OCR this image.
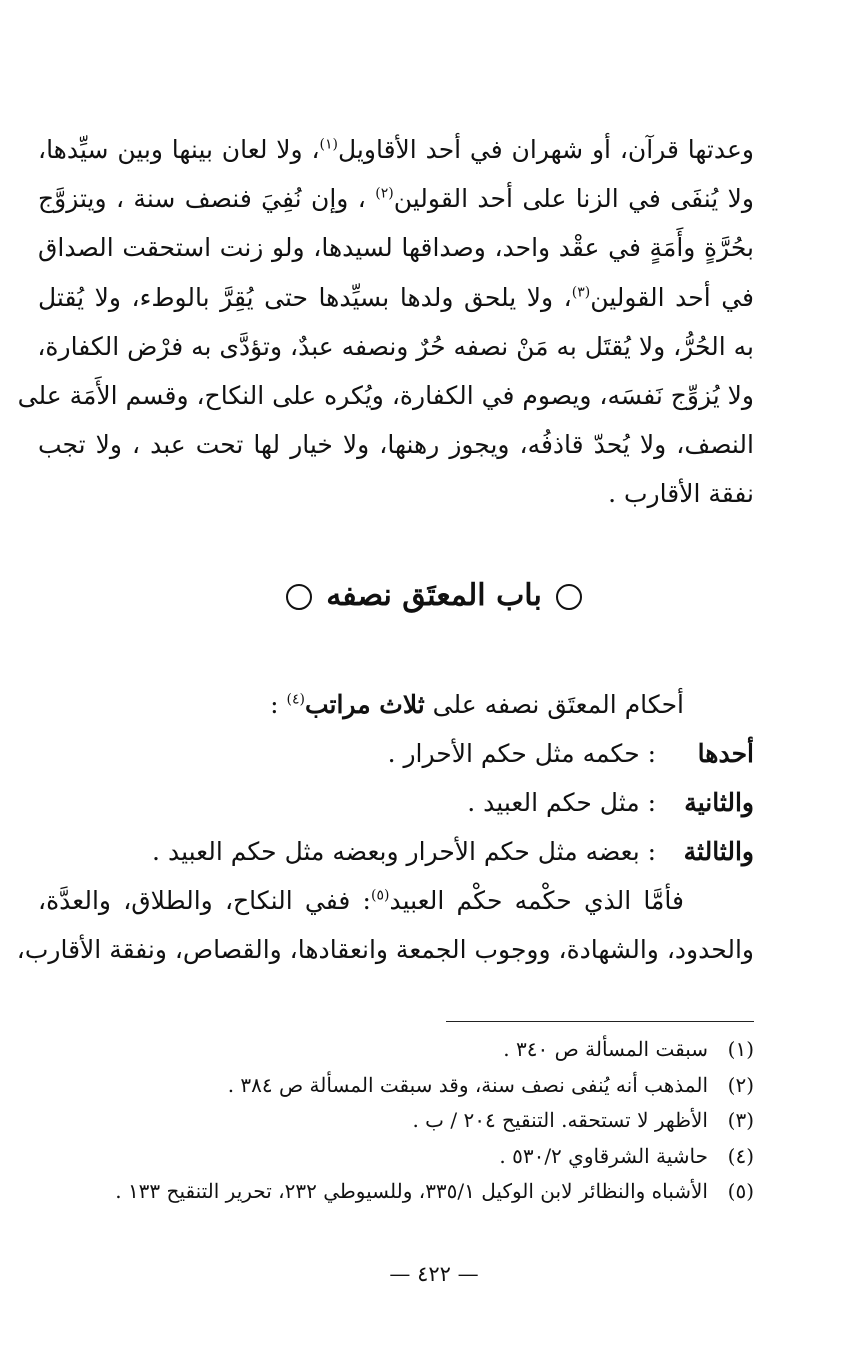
وعدتها قرآن، أو شهران في أحد الأقاويل$^{(١)}$، ولا لعان بينها وبين سيِّدها،
ولا يُنفَى في الزنا على أحد القولين$^{(٢)}$ ، وإن نُفِيَ فنصف سنة ، ويتزوَّج
بحُرَّةٍ وأَمَةٍ في عقْد واحد، وصداقها لسيدها، ولو زنت استحقت الصداق
في أحد القولين$^{(٣)}$، ولا يلحق ولدها بسيِّدها حتى يُقِرَّ بالوطء، ولا يُقتل
به الحُرُّ، ولا يُقتَل به مَنْ نصفه حُرٌ ونصفه عبدٌ، وتؤدَّى به فرْض الكفارة،
ولا يُزوِّج نَفسَه، ويصوم في الكفارة، ويُكره على النكاح، وقسم الأَمَة على
النصف، ولا يُحدّ قاذفُه، ويجوز رهنها، ولا خيار لها تحت عبد ، ولا تجب
نفقة الأقارب .
باب المعتَق نصفه
أحكام المعتَق نصفه على ثلاث مراتب$^{(٤)}$ :
أحدها : حكمه مثل حكم الأحرار .
والثانية : مثل حكم العبيد .
والثالثة : بعضه مثل حكم الأحرار وبعضه مثل حكم العبيد .
فأمَّا الذي حكْمه حكْم العبيد$^{(٥)}$: ففي النكاح، والطلاق، والعدَّة،
والحدود، والشهادة، ووجوب الجمعة وانعقادها، والقصاص، ونفقة الأقارب،
(١)سبقت المسألة ص ٣٤٠ .
(٢)المذهب أنه يُنفى نصف سنة، وقد سبقت المسألة ص ٣٨٤ .
(٣)الأظهر لا تستحقه. التنقيح ٢٠٤ / ب .
(٤)حاشية الشرقاوي ٥٣٠/٢ .
(٥)الأشباه والنظائر لابن الوكيل ٣٣٥/١، وللسيوطي ٢٣٢، تحرير التنقيح ١٣٣ .
— ٤٢٢ —
